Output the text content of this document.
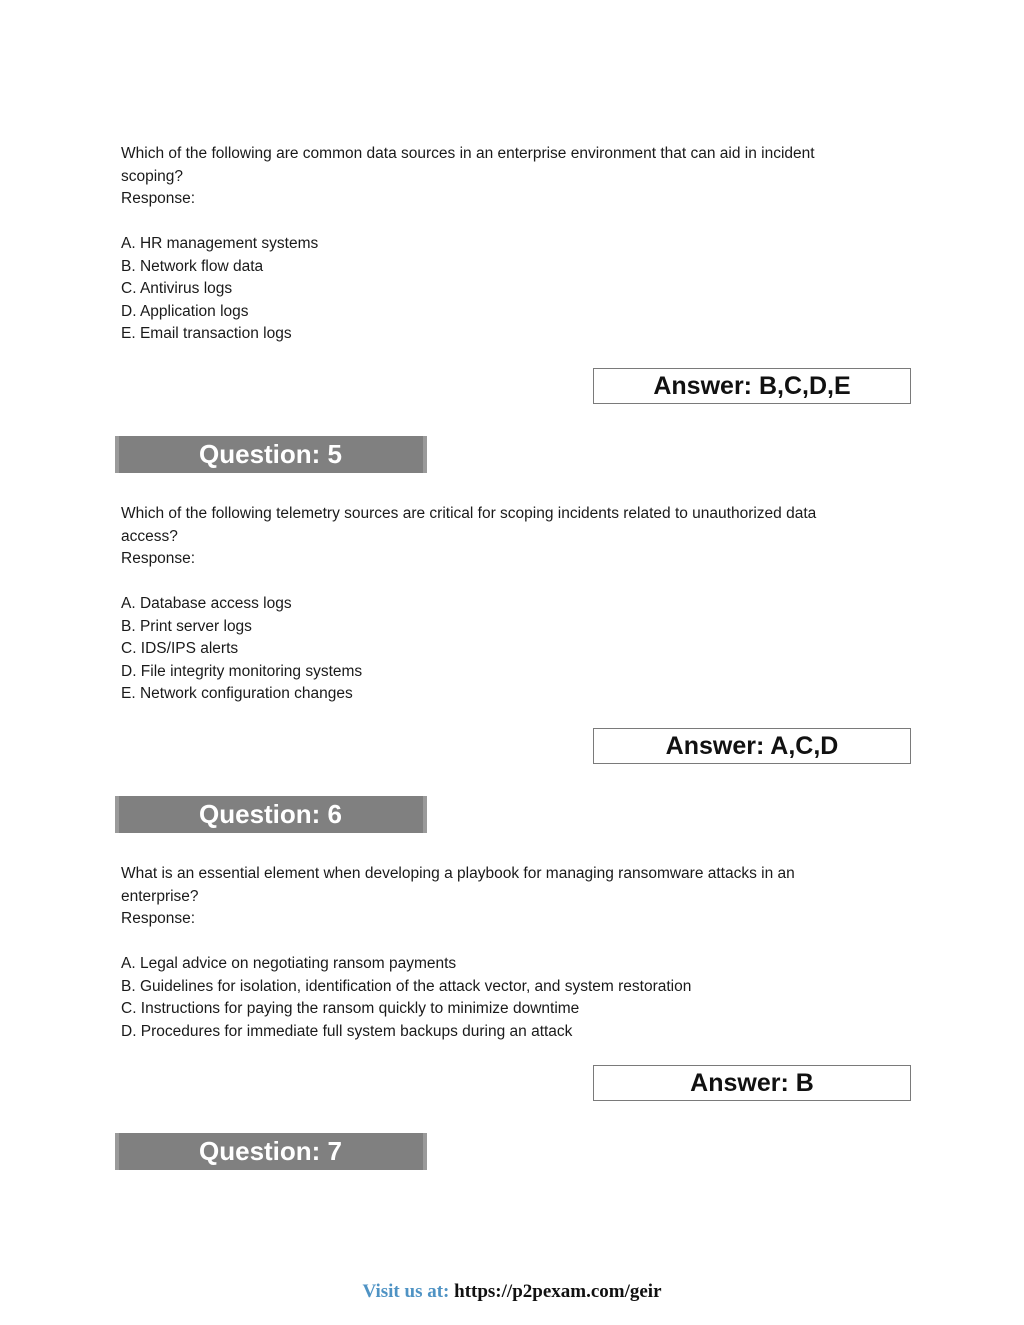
Which of the following are common data sources in an enterprise environment that can aid in incident

scoping?

Response:

A. HR management systems
B. Network flow data
C. Antivirus logs
D. Application logs
E. Email transaction logs
Answer: B,C,D,E
Question: 5

Which of the following telemetry sources are critical for scoping incidents related to unauthorized data

access?

Response:

A. Database access logs
B. Print server logs
C. IDS/IPS alerts
D. File integrity monitoring systems
E. Network configuration changes
Answer: A,C,D
Question: 6

What is an essential element when developing a playbook for managing ransomware attacks in an

enterprise?

Response:

A. Legal advice on negotiating ransom payments
B. Guidelines for isolation, identification of the attack vector, and system restoration
C. Instructions for paying the ransom quickly to minimize downtime
D. Procedures for immediate full system backups during an attack
Answer: B
Question: 7
Visit us at: https://p2pexam.com/geir
